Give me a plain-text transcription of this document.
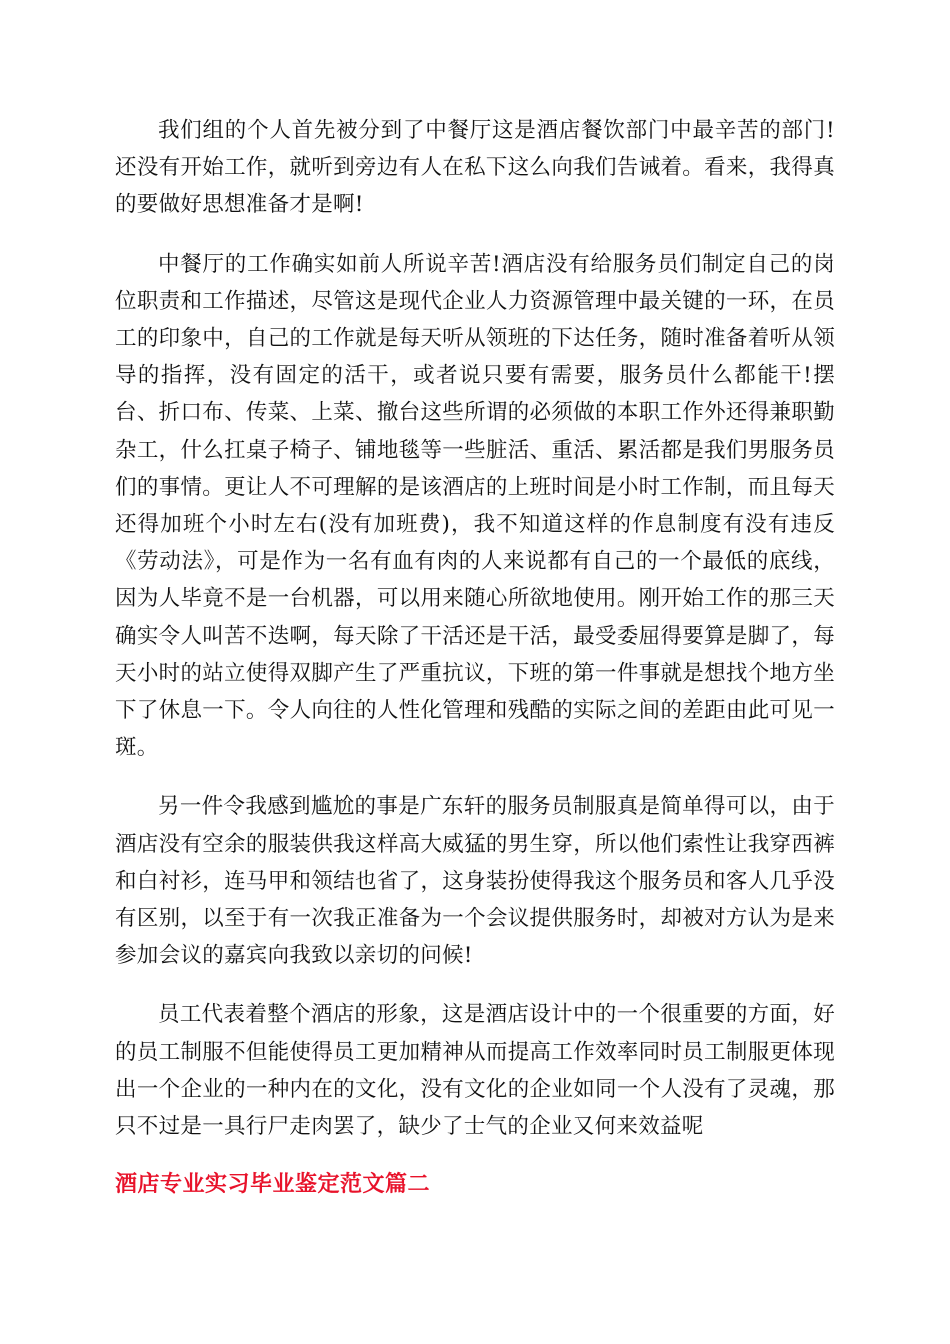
我们组的个人首先被分到了中餐厅这是酒店餐饮部门中最辛苦的部门!还没有开始工作，就听到旁边有人在私下这么向我们告诫着。看来，我得真的要做好思想准备才是啊!

中餐厅的工作确实如前人所说辛苦!酒店没有给服务员们制定自己的岗位职责和工作描述，尽管这是现代企业人力资源管理中最关键的一环，在员工的印象中，自己的工作就是每天听从领班的下达任务，随时准备着听从领导的指挥，没有固定的活干，或者说只要有需要，服务员什么都能干!摆台、折口布、传菜、上菜、撤台这些所谓的必须做的本职工作外还得兼职勤杂工，什么扛桌子椅子、铺地毯等一些脏活、重活、累活都是我们男服务员们的事情。更让人不可理解的是该酒店的上班时间是小时工作制，而且每天还得加班个小时左右(没有加班费)，我不知道这样的作息制度有没有违反《劳动法》，可是作为一名有血有肉的人来说都有自己的一个最低的底线，因为人毕竟不是一台机器，可以用来随心所欲地使用。刚开始工作的那三天确实令人叫苦不迭啊，每天除了干活还是干活，最受委屈得要算是脚了，每天小时的站立使得双脚产生了严重抗议，下班的第一件事就是想找个地方坐下了休息一下。令人向往的人性化管理和残酷的实际之间的差距由此可见一斑。

另一件令我感到尴尬的事是广东轩的服务员制服真是简单得可以，由于酒店没有空余的服装供我这样高大威猛的男生穿，所以他们索性让我穿西裤和白衬衫，连马甲和领结也省了，这身装扮使得我这个服务员和客人几乎没有区别，以至于有一次我正准备为一个会议提供服务时，却被对方认为是来参加会议的嘉宾向我致以亲切的问候!

员工代表着整个酒店的形象，这是酒店设计中的一个很重要的方面，好的员工制服不但能使得员工更加精神从而提高工作效率同时员工制服更体现出一个企业的一种内在的文化，没有文化的企业如同一个人没有了灵魂，那只不过是一具行尸走肉罢了，缺少了士气的企业又何来效益呢

酒店专业实习毕业鉴定范文篇二
